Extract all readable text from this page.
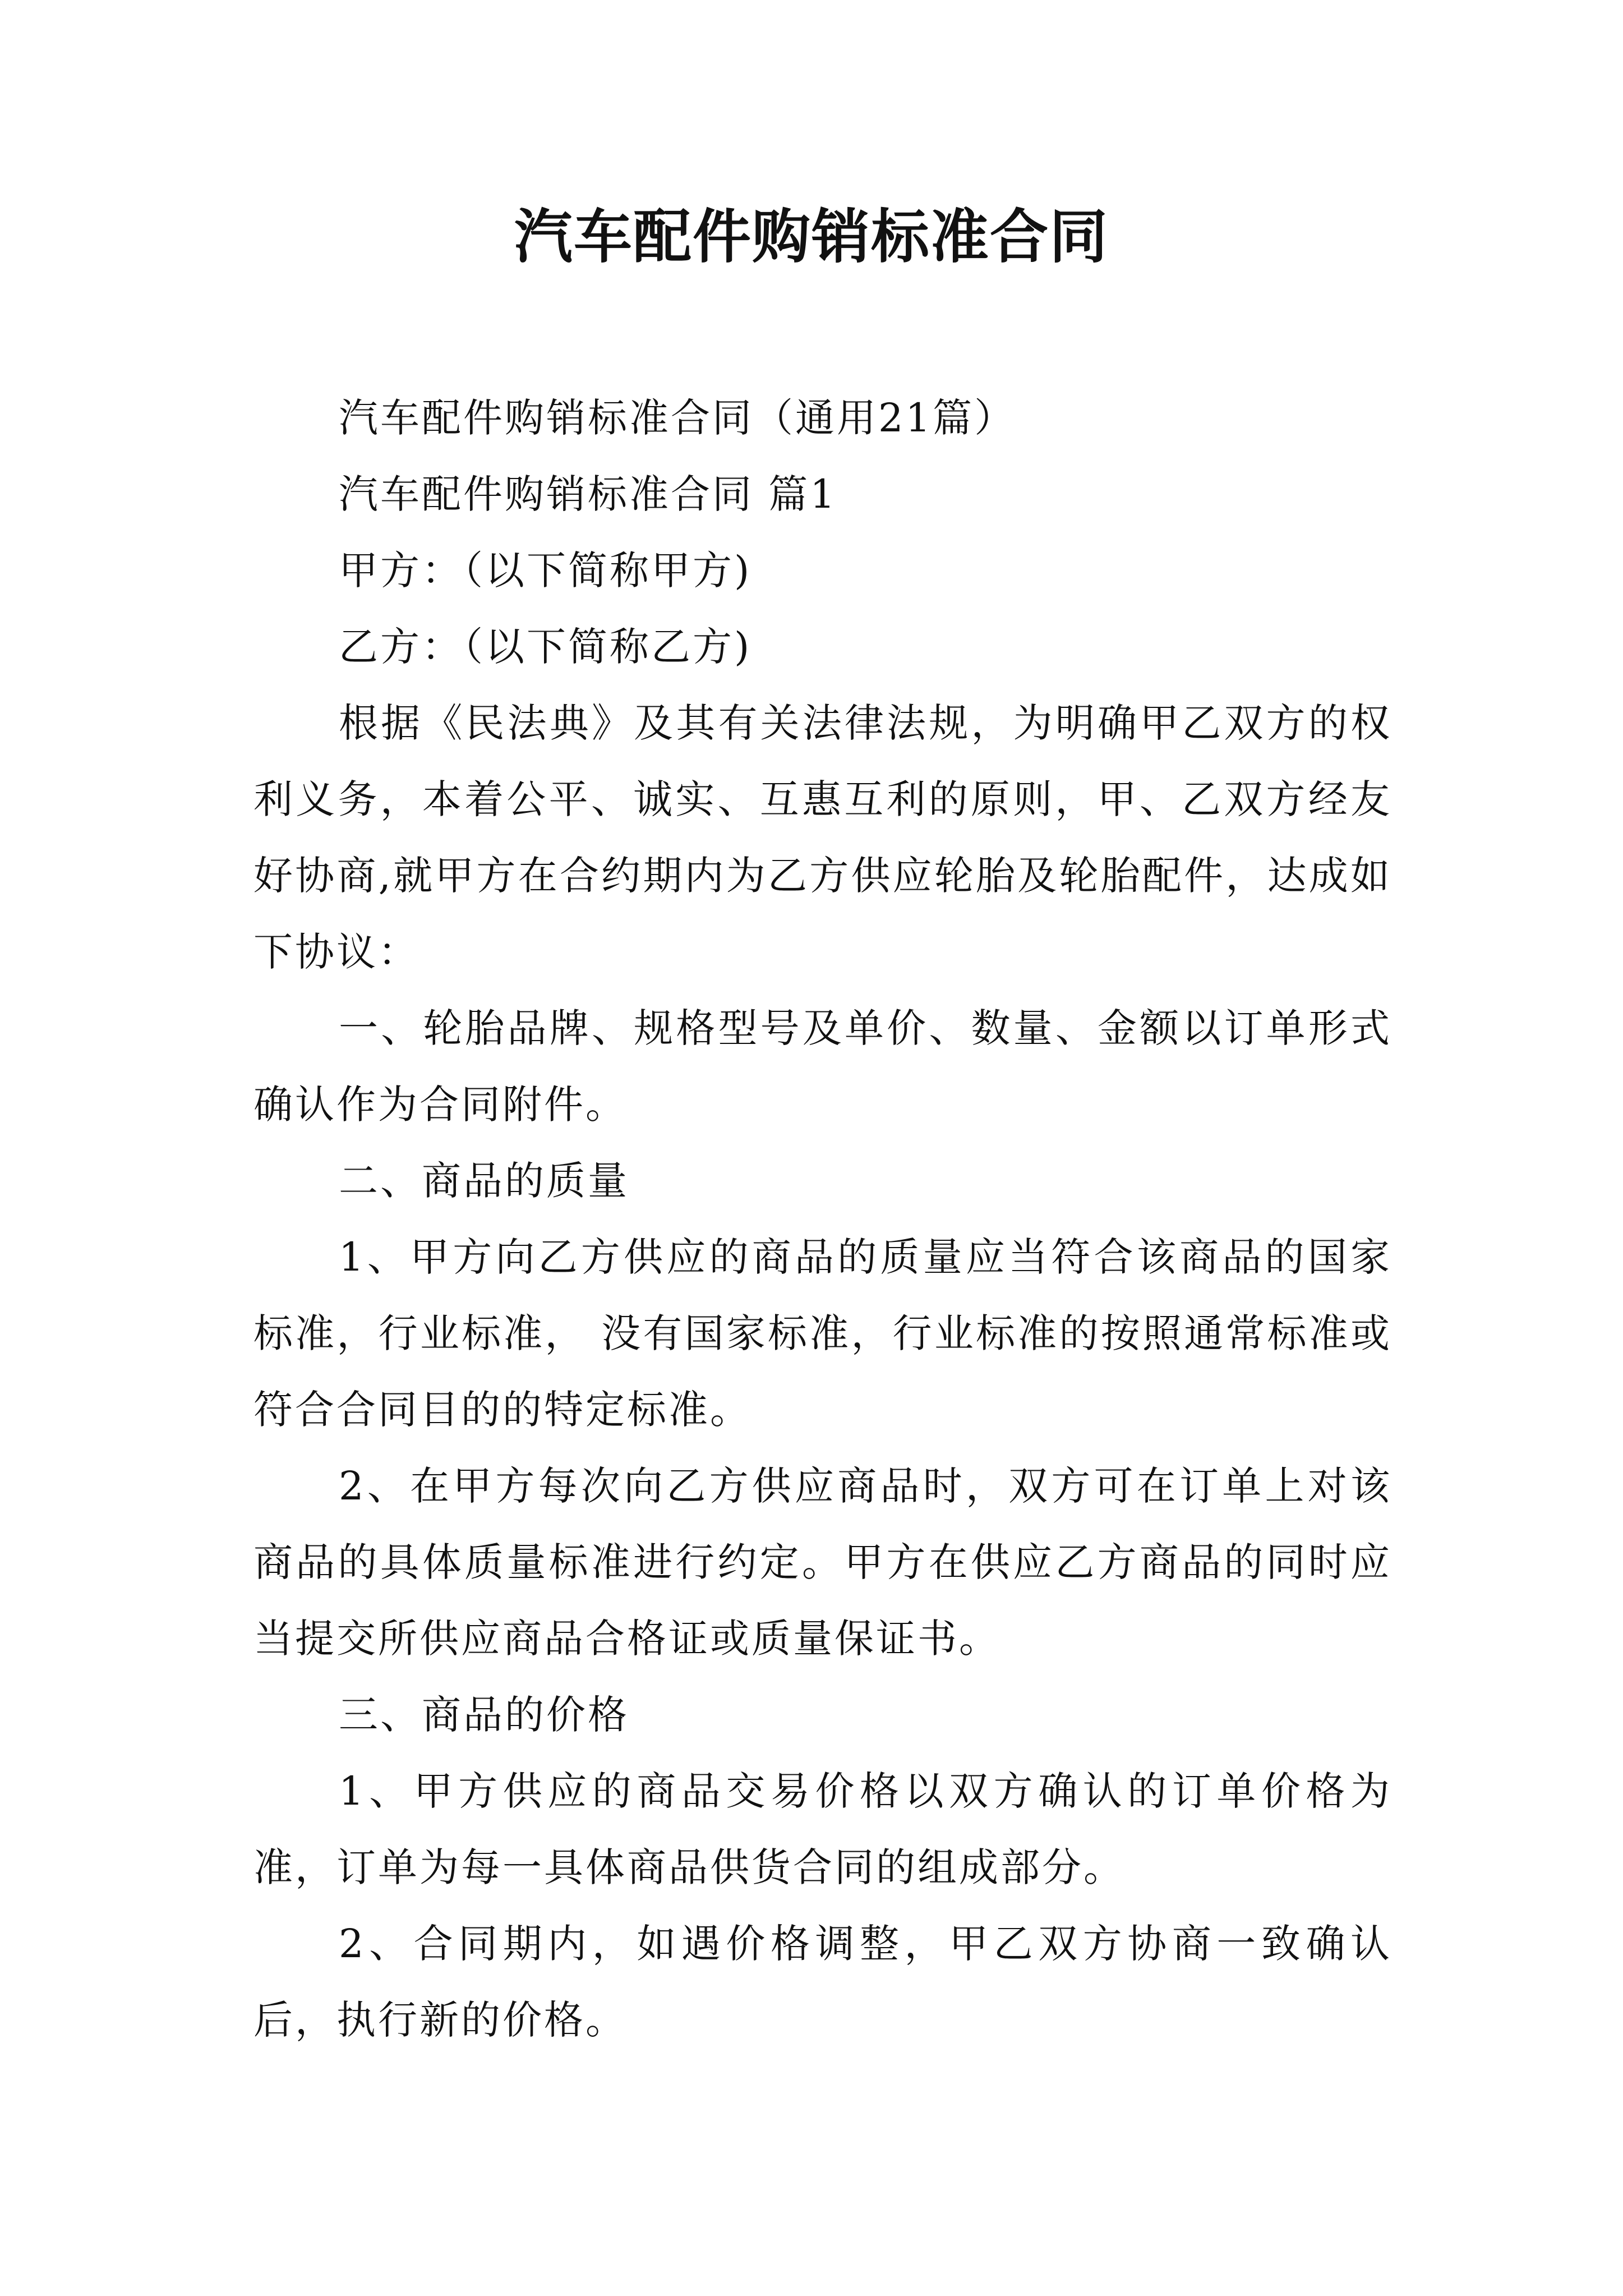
汽车配件购销标准合同

汽车配件购销标准合同（通用21篇）

汽车配件购销标准合同 篇1

甲方：（以下简称甲方)

乙方：（以下简称乙方)

根据《民法典》及其有关法律法规，为明确甲乙双方的权利义务，本着公平、诚实、互惠互利的原则，甲、乙双方经友好协商,就甲方在合约期内为乙方供应轮胎及轮胎配件，达成如下协议：

一、轮胎品牌、规格型号及单价、数量、金额以订单形式确认作为合同附件。

二、商品的质量

1、甲方向乙方供应的商品的质量应当符合该商品的国家标准，行业标准， 没有国家标准，行业标准的按照通常标准或符合合同目的的特定标准。

2、在甲方每次向乙方供应商品时，双方可在订单上对该商品的具体质量标准进行约定。甲方在供应乙方商品的同时应当提交所供应商品合格证或质量保证书。

三、商品的价格

1、甲方供应的商品交易价格以双方确认的订单价格为准，订单为每一具体商品供货合同的组成部分。

2、合同期内，如遇价格调整，甲乙双方协商一致确认后，执行新的价格。
